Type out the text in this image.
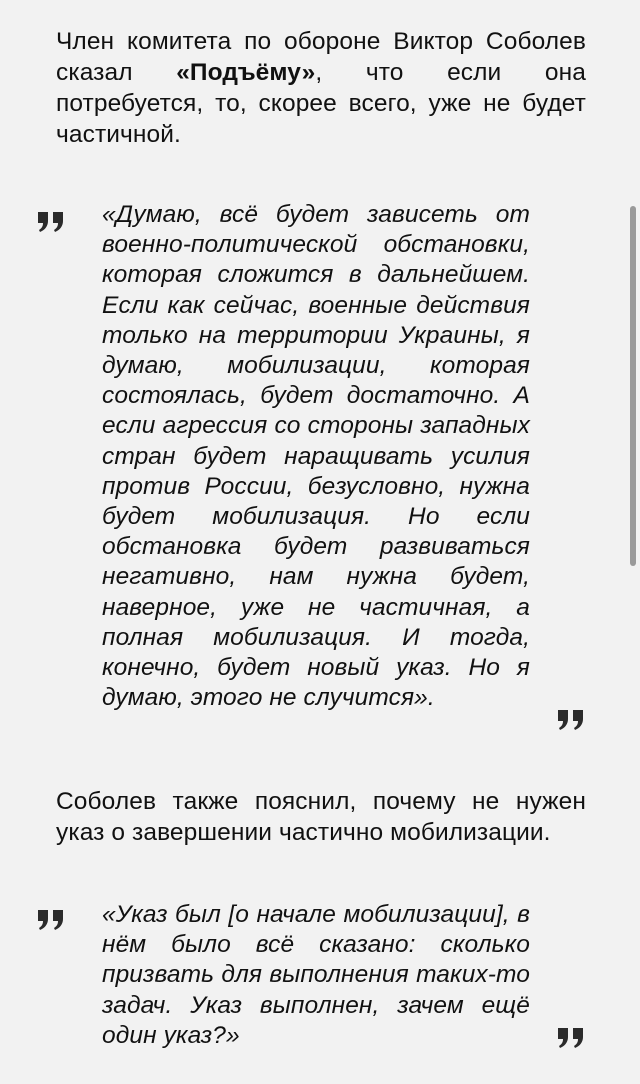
Член комитета по обороне Виктор Соболев сказал «Подъёму», что если она потребуется, то, скорее всего, уже не будет частичной.

«Думаю, всё будет зависеть от военно-политической обстановки, которая сложится в дальнейшем. Если как сейчас, военные действия только на территории Украины, я думаю, мобилизации, которая состоялась, будет достаточно. А если агрессия со стороны западных стран будет наращивать усилия против России, безусловно, нужна будет мобилизация. Но если обстановка будет развиваться негативно, нам нужна будет, наверное, уже не частичная, а полная мобилизация. И тогда, конечно, будет новый указ. Но я думаю, этого не случится».

Соболев также пояснил, почему не нужен указ о завершении частично мобилизации.

«Указ был [о начале мобилизации], в нём было всё сказано: сколько призвать для выполнения таких-то задач. Указ выполнен, зачем ещё один указ?»
